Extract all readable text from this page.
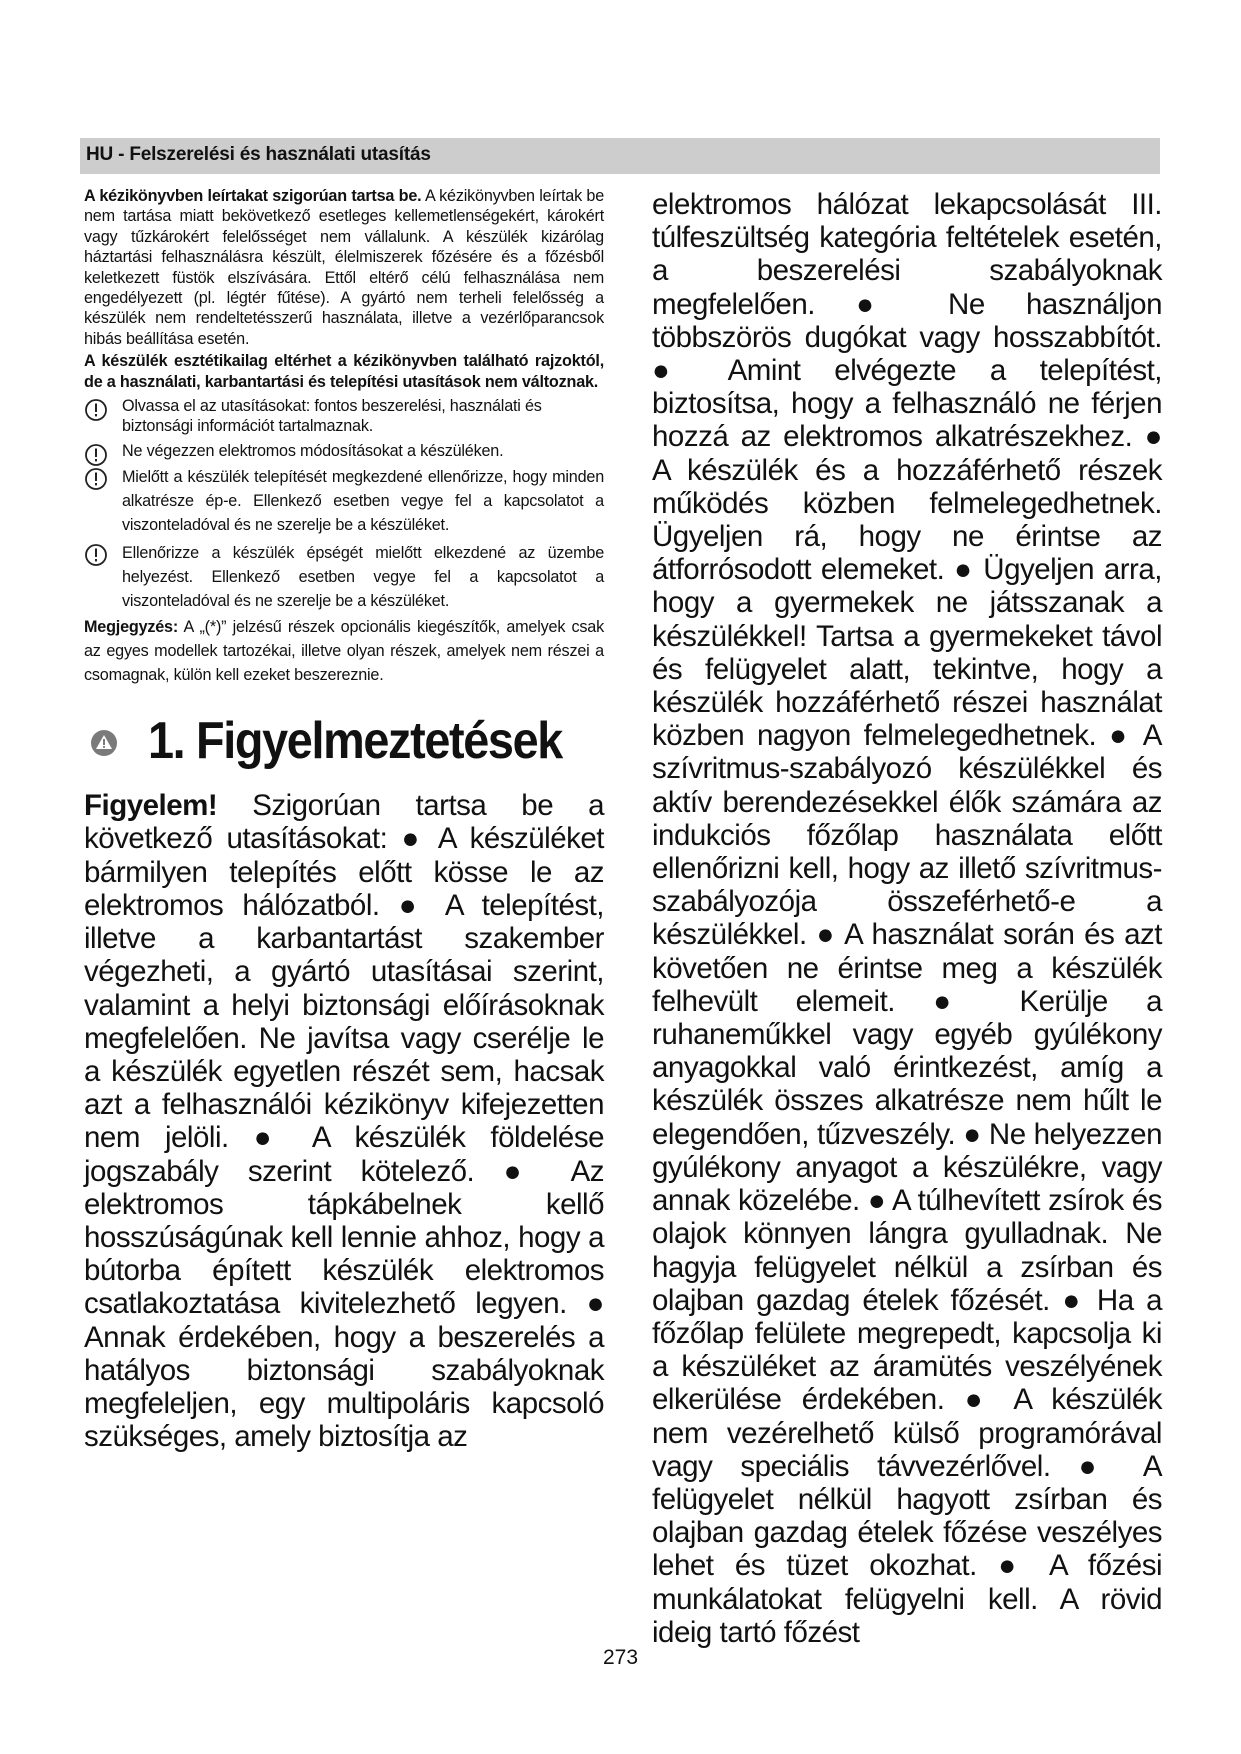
HU - Felszerelési és használati utasítás

A kézikönyvben leírtakat szigorúan tartsa be. A kézikönyvben leírtak be nem tartása miatt bekövetkező esetleges kellemetlenségekért, károkért vagy tűzkárokért felelősséget nem vállalunk. A készülék kizárólag háztartási felhasználásra készült, élelmiszerek főzésére és a főzésből keletkezett füstök elszívására. Ettől eltérő célú felhasználása nem engedélyezett (pl. légtér fűtése). A gyártó nem terheli felelősség a készülék nem rendeltetésszerű használata, illetve a vezérlőparancsok hibás beállítása esetén.

A készülék esztétikailag eltérhet a kézikönyvben található rajzoktól, de a használati, karbantartási és telepítési utasítások nem változnak.

Olvassa el az utasításokat: fontos beszerelési, használati és biztonsági információt tartalmaznak.

Ne végezzen elektromos módosításokat a készüléken.

Mielőtt a készülék telepítését megkezdené ellenőrizze, hogy minden alkatrésze ép-e. Ellenkező esetben vegye fel a kapcsolatot a viszonteladóval és ne szerelje be a készüléket.

Ellenőrizze a készülék épségét mielőtt elkezdené az üzembe helyezést. Ellenkező esetben vegye fel a kapcsolatot a viszonteladóval és ne szerelje be a készüléket.

Megjegyzés: A „(*)” jelzésű részek opcionális kiegészítők, amelyek csak az egyes modellek tartozékai, illetve olyan részek, amelyek nem részei a csomagnak, külön kell ezeket beszereznie.

1. Figyelmeztetések

Figyelem! Szigorúan tartsa be a következő utasításokat: ● A készüléket bármilyen telepítés előtt kösse le az elektromos hálózatból. ● A telepítést, illetve a karbantartást szakember végezheti, a gyártó utasításai szerint, valamint a helyi biztonsági előírásoknak megfelelően. Ne javítsa vagy cserélje le a készülék egyetlen részét sem, hacsak azt a felhasználói kézikönyv kifejezetten nem jelöli. ● A készülék földelése jogszabály szerint kötelező. ● Az elektromos tápkábelnek kellő hosszúságúnak kell lennie ahhoz, hogy a bútorba épített készülék elektromos csatlakoztatása kivitelezhető legyen. ● Annak érdekében, hogy a beszerelés a hatályos biztonsági szabályoknak megfeleljen, egy multipoláris kapcsoló szükséges, amely biztosítja az

elektromos hálózat lekapcsolását III. túlfeszültség kategória feltételek esetén, a beszerelési szabályoknak megfelelően. ● Ne használjon többszörös dugókat vagy hosszabbítót. ● Amint elvégezte a telepítést, biztosítsa, hogy a felhasználó ne férjen hozzá az elektromos alkatrészekhez. ● A készülék és a hozzáférhető részek működés közben felmelegedhetnek. Ügyeljen rá, hogy ne érintse az átforrósodott elemeket. ● Ügyeljen arra, hogy a gyermekek ne játsszanak a készülékkel! Tartsa a gyermekeket távol és felügyelet alatt, tekintve, hogy a készülék hozzáférhető részei használat közben nagyon felmelegedhetnek. ● A szívritmus-szabályozó készülékkel és aktív berendezésekkel élők számára az indukciós főzőlap használata előtt ellenőrizni kell, hogy az illető szívritmus-szabályozója összeférhető-e a készülékkel. ● A használat során és azt követően ne érintse meg a készülék felhevült elemeit. ● Kerülje a ruhaneműkkel vagy egyéb gyúlékony anyagokkal való érintkezést, amíg a készülék összes alkatrésze nem hűlt le elegendően, tűzveszély. ● Ne helyezzen gyúlékony anyagot a készülékre, vagy annak közelébe. ● A túlhevített zsírok és olajok könnyen lángra gyulladnak. Ne hagyja felügyelet nélkül a zsírban és olajban gazdag ételek főzését. ● Ha a főzőlap felülete megrepedt, kapcsolja ki a készüléket az áramütés veszélyének elkerülése érdekében. ● A készülék nem vezérelhető külső programórával vagy speciális távvezérlővel. ● A felügyelet nélkül hagyott zsírban és olajban gazdag ételek főzése veszélyes lehet és tüzet okozhat. ● A főzési munkálatokat felügyelni kell. A rövid ideig tartó főzést

273
